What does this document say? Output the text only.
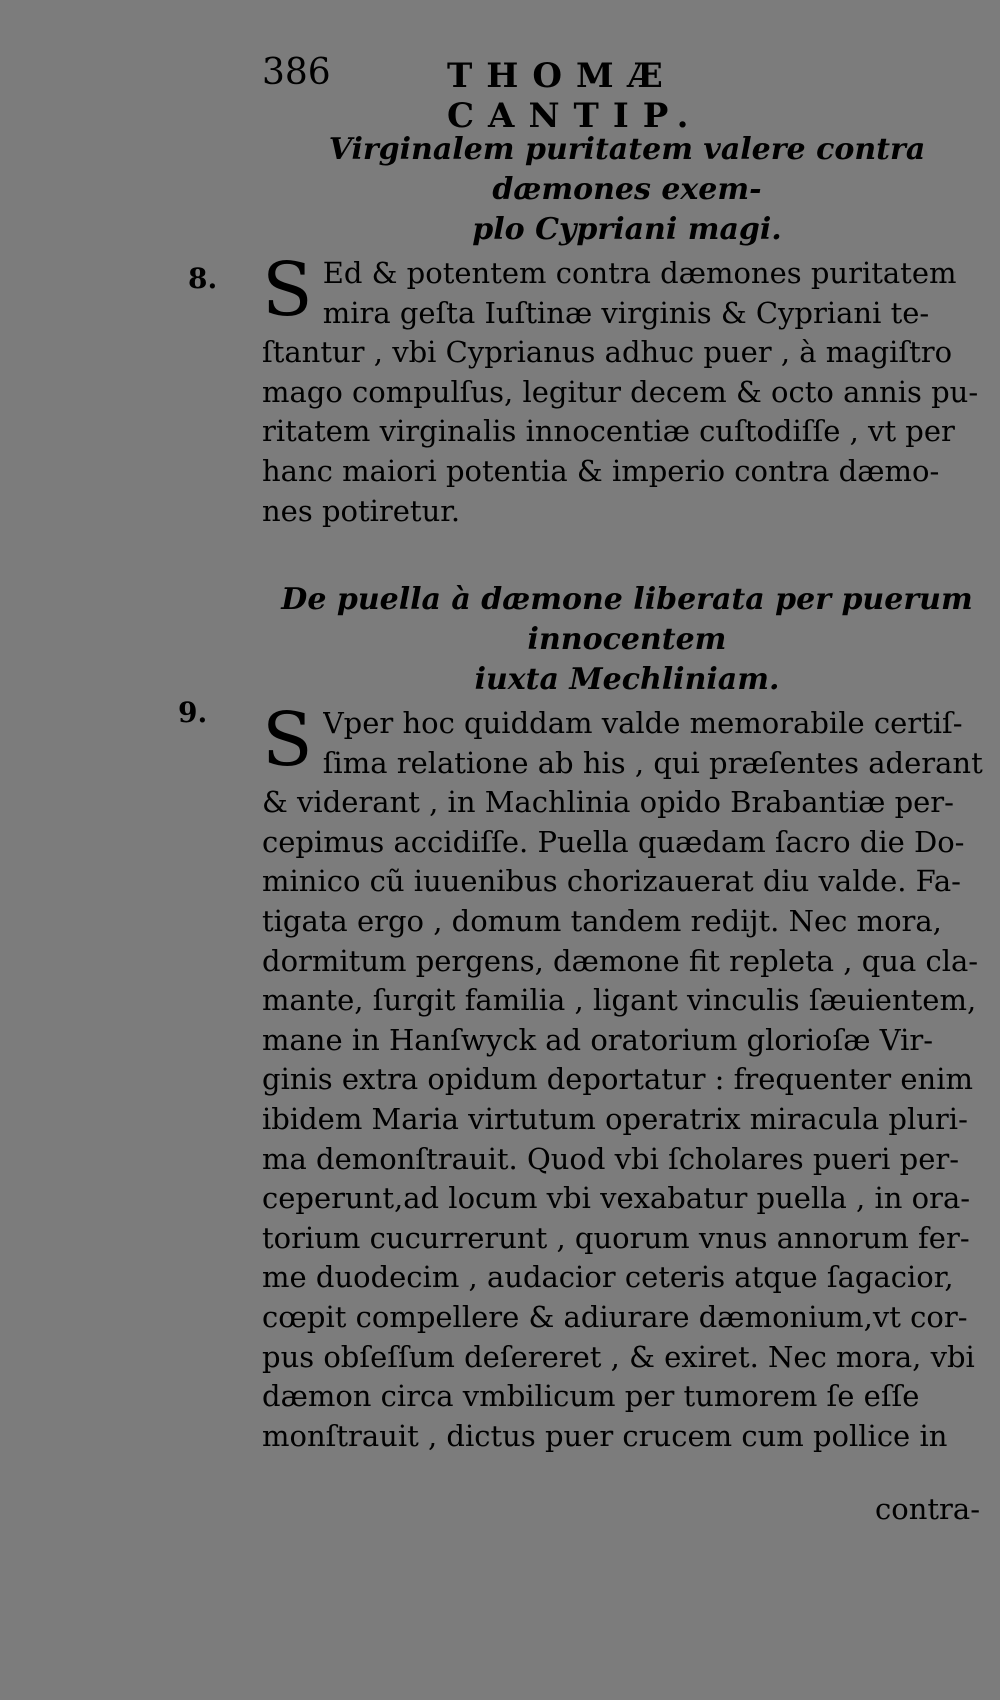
386	THOMÆ CANTIP.
Virginalem puritatem valere contra dæmones exem-
plo Cypriani magi.
8. S Ed & potentem contra dæmones puritatem
mira geſta Iuſtinæ virginis & Cypriani te-
ſtantur , vbi Cyprianus adhuc puer , à magiſtro
mago compulſus, legitur decem & octo annis pu-
ritatem virginalis innocentiæ cuſtodiſſe , vt per
hanc maiori potentia & imperio contra dæmo-
nes potiretur.
De puella à dæmone liberata per puerum innocentem
iuxta Mechliniam.
9. S Vper hoc quiddam valde memorabile certiſ-
ſima relatione ab his , qui præſentes aderant
& viderant , in Machlinia opido Brabantiæ per-
cepimus accidiſſe. Puella quædam ſacro die Do-
minico cũ iuuenibus chorizauerat diu valde. Fa-
tigata ergo , domum tandem redijt. Nec mora,
dormitum pergens, dæmone fit repleta , qua cla-
mante, ſurgit familia , ligant vinculis ſæuientem,
mane in Hanſwyck ad oratorium glorioſæ Vir-
ginis extra opidum deportatur : frequenter enim
ibidem Maria virtutum operatrix miracula pluri-
ma demonſtrauit. Quod vbi ſcholares pueri per-
ceperunt,ad locum vbi vexabatur puella , in ora-
torium cucurrerunt , quorum vnus annorum fer-
me duodecim , audacior ceteris atque ſagacior,
cœpit compellere & adiurare dæmonium,vt cor-
pus obſeſſum deſereret , & exiret. Nec mora, vbi
dæmon circa vmbilicum per tumorem ſe eſſe
monſtrauit , dictus puer crucem cum pollice in
contra-
